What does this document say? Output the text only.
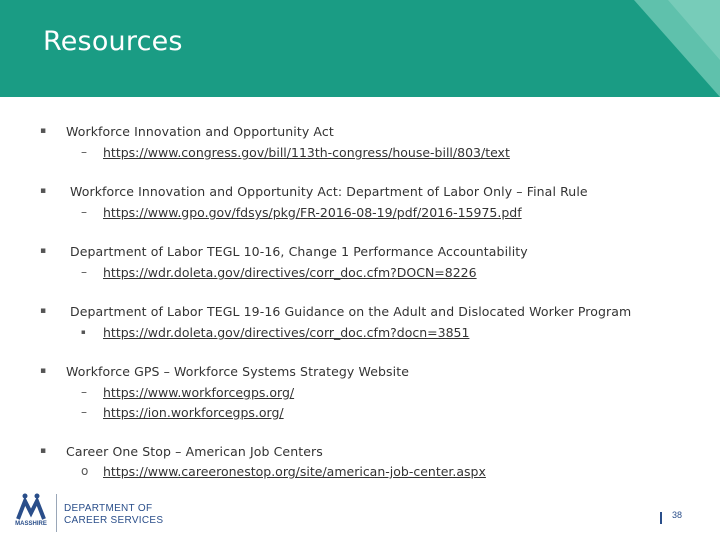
Resources
▪ Workforce Innovation and Opportunity Act
– https://www.congress.gov/bill/113th-congress/house-bill/803/text
▪ Workforce Innovation and Opportunity Act: Department of Labor Only – Final Rule
– https://www.gpo.gov/fdsys/pkg/FR-2016-08-19/pdf/2016-15975.pdf
▪ Department of Labor TEGL 10-16, Change 1 Performance Accountability
– https://wdr.doleta.gov/directives/corr_doc.cfm?DOCN=8226
▪ Department of Labor TEGL 19-16 Guidance on the Adult and Dislocated Worker Program
▪ https://wdr.doleta.gov/directives/corr_doc.cfm?docn=3851
▪ Workforce GPS – Workforce Systems Strategy Website
– https://www.workforcegps.org/
– https://ion.workforcegps.org/
▪ Career One Stop – American Job Centers
o https://www.careeronestop.org/site/american-job-center.aspx
MASSHIRE
DEPARTMENT OF
CAREER SERVICES	38
